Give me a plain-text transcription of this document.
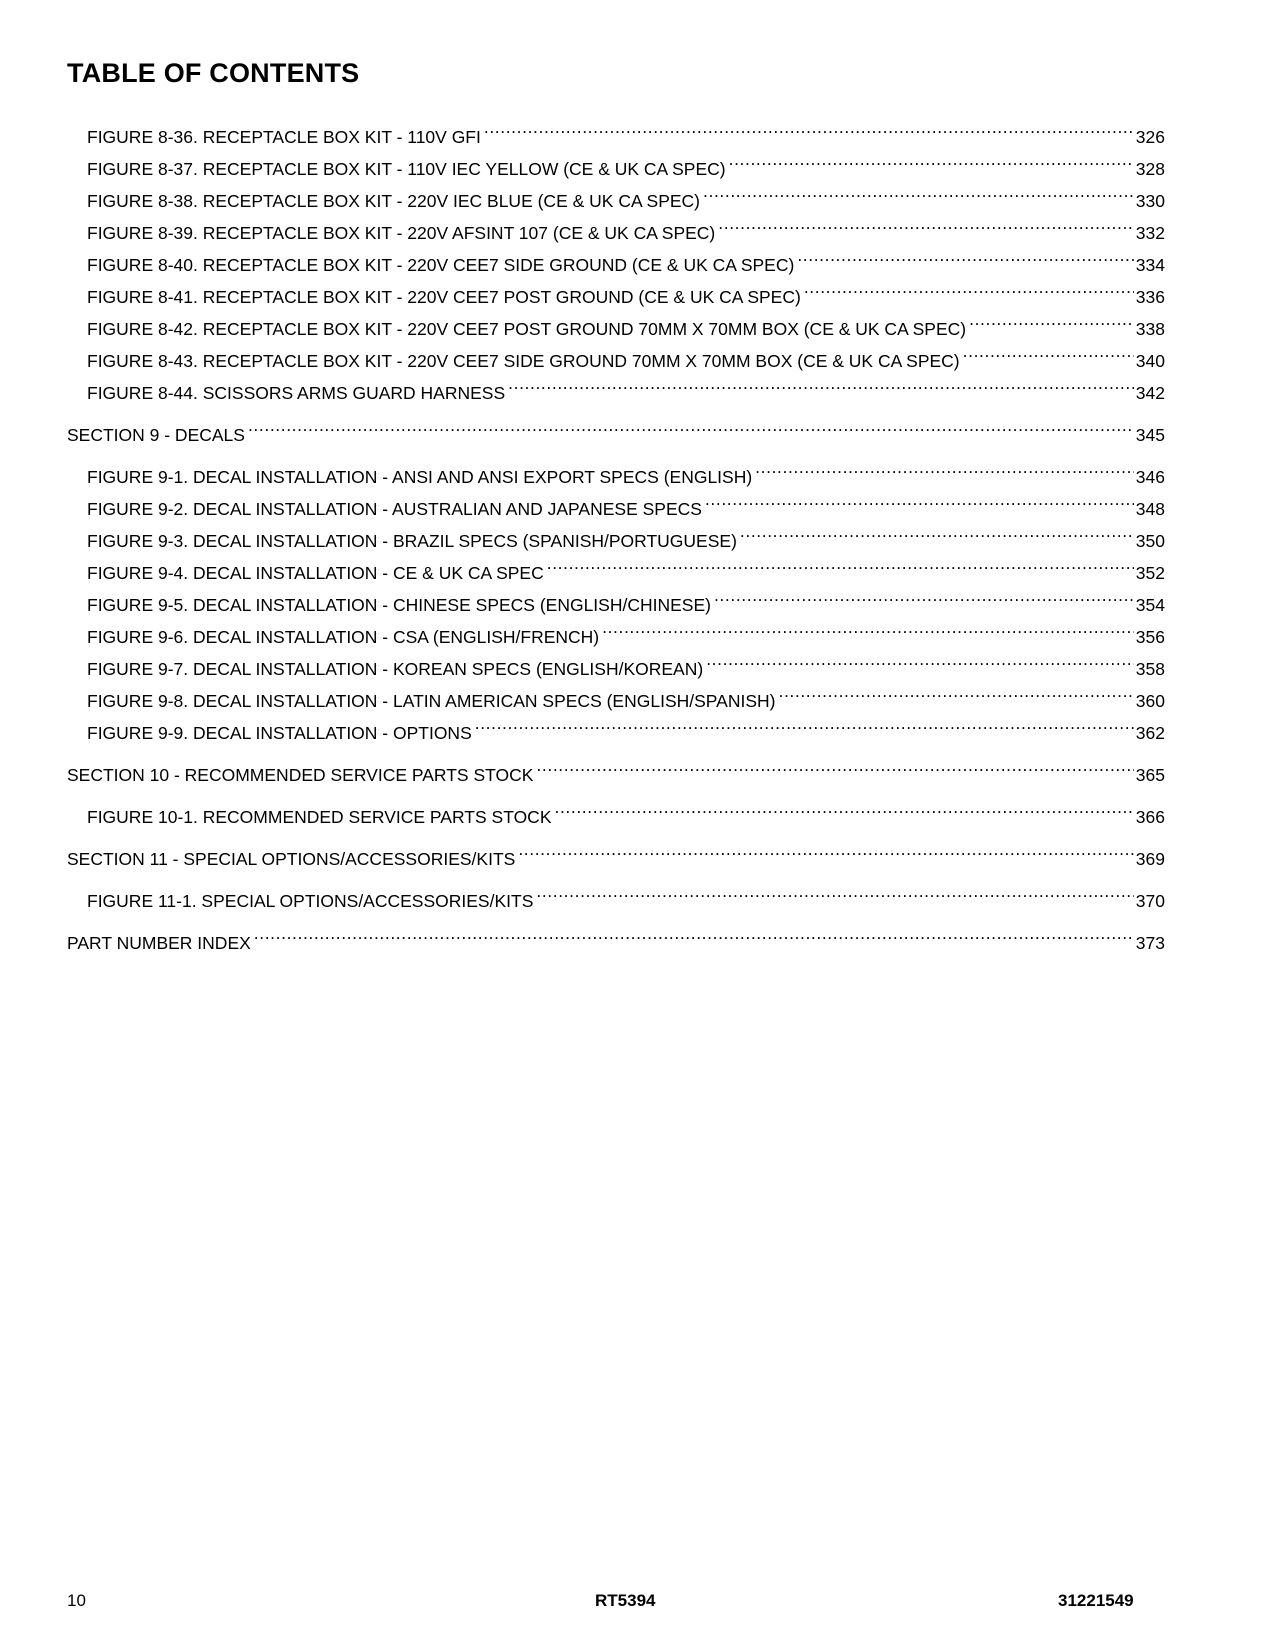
TABLE OF CONTENTS
FIGURE 8-36. RECEPTACLE BOX KIT - 110V GFI .....	326
FIGURE 8-37. RECEPTACLE BOX KIT - 110V IEC YELLOW (CE & UK CA SPEC) .....	328
FIGURE 8-38. RECEPTACLE BOX KIT - 220V IEC BLUE (CE & UK CA SPEC) .....	330
FIGURE 8-39. RECEPTACLE BOX KIT - 220V AFSINT 107 (CE & UK CA SPEC) .....	332
FIGURE 8-40. RECEPTACLE BOX KIT - 220V CEE7 SIDE GROUND (CE & UK CA SPEC) .....	334
FIGURE 8-41. RECEPTACLE BOX KIT - 220V CEE7 POST GROUND (CE & UK CA SPEC) .....	336
FIGURE 8-42. RECEPTACLE BOX KIT - 220V CEE7 POST GROUND 70MM X 70MM BOX (CE & UK CA SPEC) .....	338
FIGURE 8-43. RECEPTACLE BOX KIT - 220V CEE7 SIDE GROUND 70MM X 70MM BOX (CE & UK CA SPEC) .....	340
FIGURE 8-44. SCISSORS ARMS GUARD HARNESS .....	342
SECTION 9 - DECALS .....	345
FIGURE 9-1. DECAL INSTALLATION - ANSI AND ANSI EXPORT SPECS (ENGLISH) .....	346
FIGURE 9-2. DECAL INSTALLATION - AUSTRALIAN AND JAPANESE SPECS .....	348
FIGURE 9-3. DECAL INSTALLATION - BRAZIL SPECS (SPANISH/PORTUGUESE) .....	350
FIGURE 9-4. DECAL INSTALLATION - CE & UK CA SPEC .....	352
FIGURE 9-5. DECAL INSTALLATION - CHINESE SPECS (ENGLISH/CHINESE) .....	354
FIGURE 9-6. DECAL INSTALLATION - CSA (ENGLISH/FRENCH) .....	356
FIGURE 9-7. DECAL INSTALLATION - KOREAN SPECS (ENGLISH/KOREAN) .....	358
FIGURE 9-8. DECAL INSTALLATION - LATIN AMERICAN SPECS (ENGLISH/SPANISH) .....	360
FIGURE 9-9. DECAL INSTALLATION - OPTIONS .....	362
SECTION 10 - RECOMMENDED SERVICE PARTS STOCK .....	365
FIGURE 10-1. RECOMMENDED SERVICE PARTS STOCK .....	366
SECTION 11 - SPECIAL OPTIONS/ACCESSORIES/KITS .....	369
FIGURE 11-1. SPECIAL OPTIONS/ACCESSORIES/KITS .....	370
PART NUMBER INDEX .....	373
10	RT5394	31221549
